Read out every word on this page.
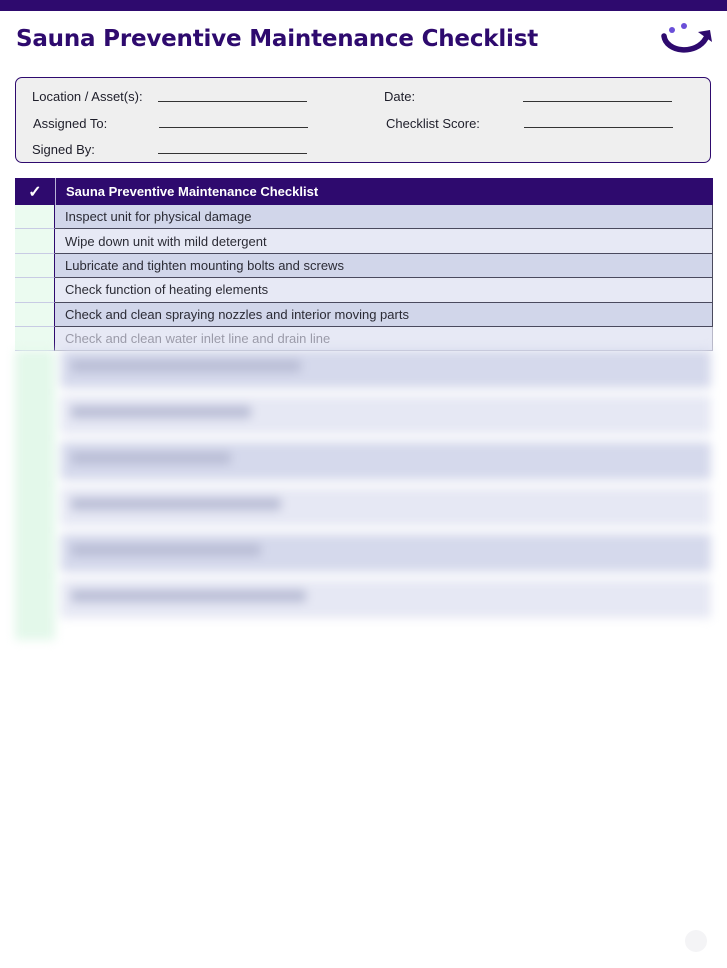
Sauna Preventive Maintenance Checklist
Location / Asset(s):	Date:
Assigned To:	Checklist Score:
Signed By:
✓	Sauna Preventive Maintenance Checklist
Inspect unit for physical damage
Wipe down unit with mild detergent
Lubricate and tighten mounting bolts and screws
Check function of heating elements
Check and clean spraying nozzles and interior moving parts
Check and clean water inlet line and drain line
